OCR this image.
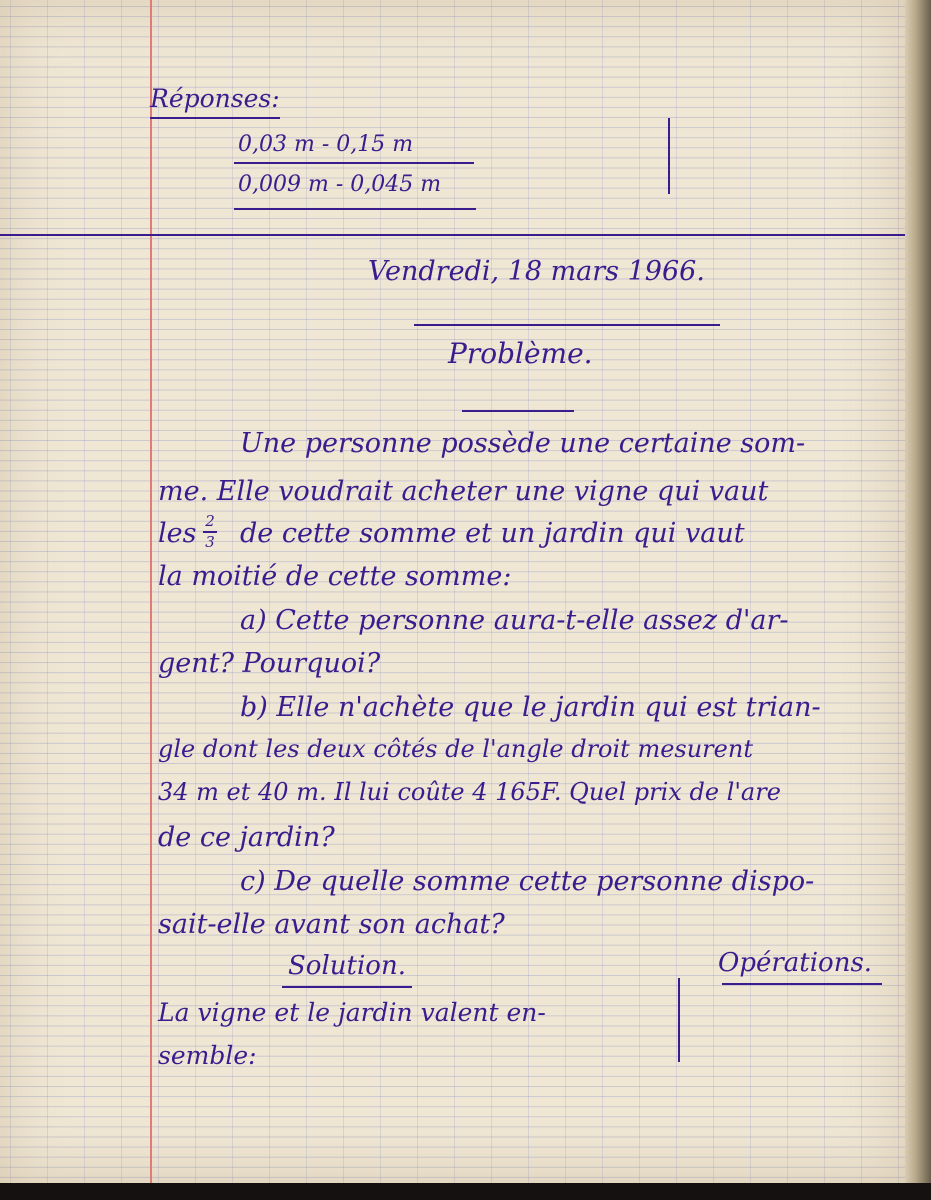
Réponses:
0,03 m - 0,15 m
0,009 m - 0,045 m
Vendredi, 18 mars 1966.
Problème.
Une personne possède une certaine som-
me. Elle voudrait acheter une vigne qui vaut
les $\frac{2}{3}$ de cette somme et un jardin qui vaut
la moitié de cette somme:
a) Cette personne aura-t-elle assez d'ar-
gent? Pourquoi?
b) Elle n'achète que le jardin qui est trian-
gle dont les deux côtés de l'angle droit mesurent
34 m et 40 m. Il lui coûte 4 165F. Quel prix de l'are
de ce jardin?
c) De quelle somme cette personne dispo-
sait-elle avant son achat?
Solution.	Opérations.
La vigne et le jardin valent en-
semble:
